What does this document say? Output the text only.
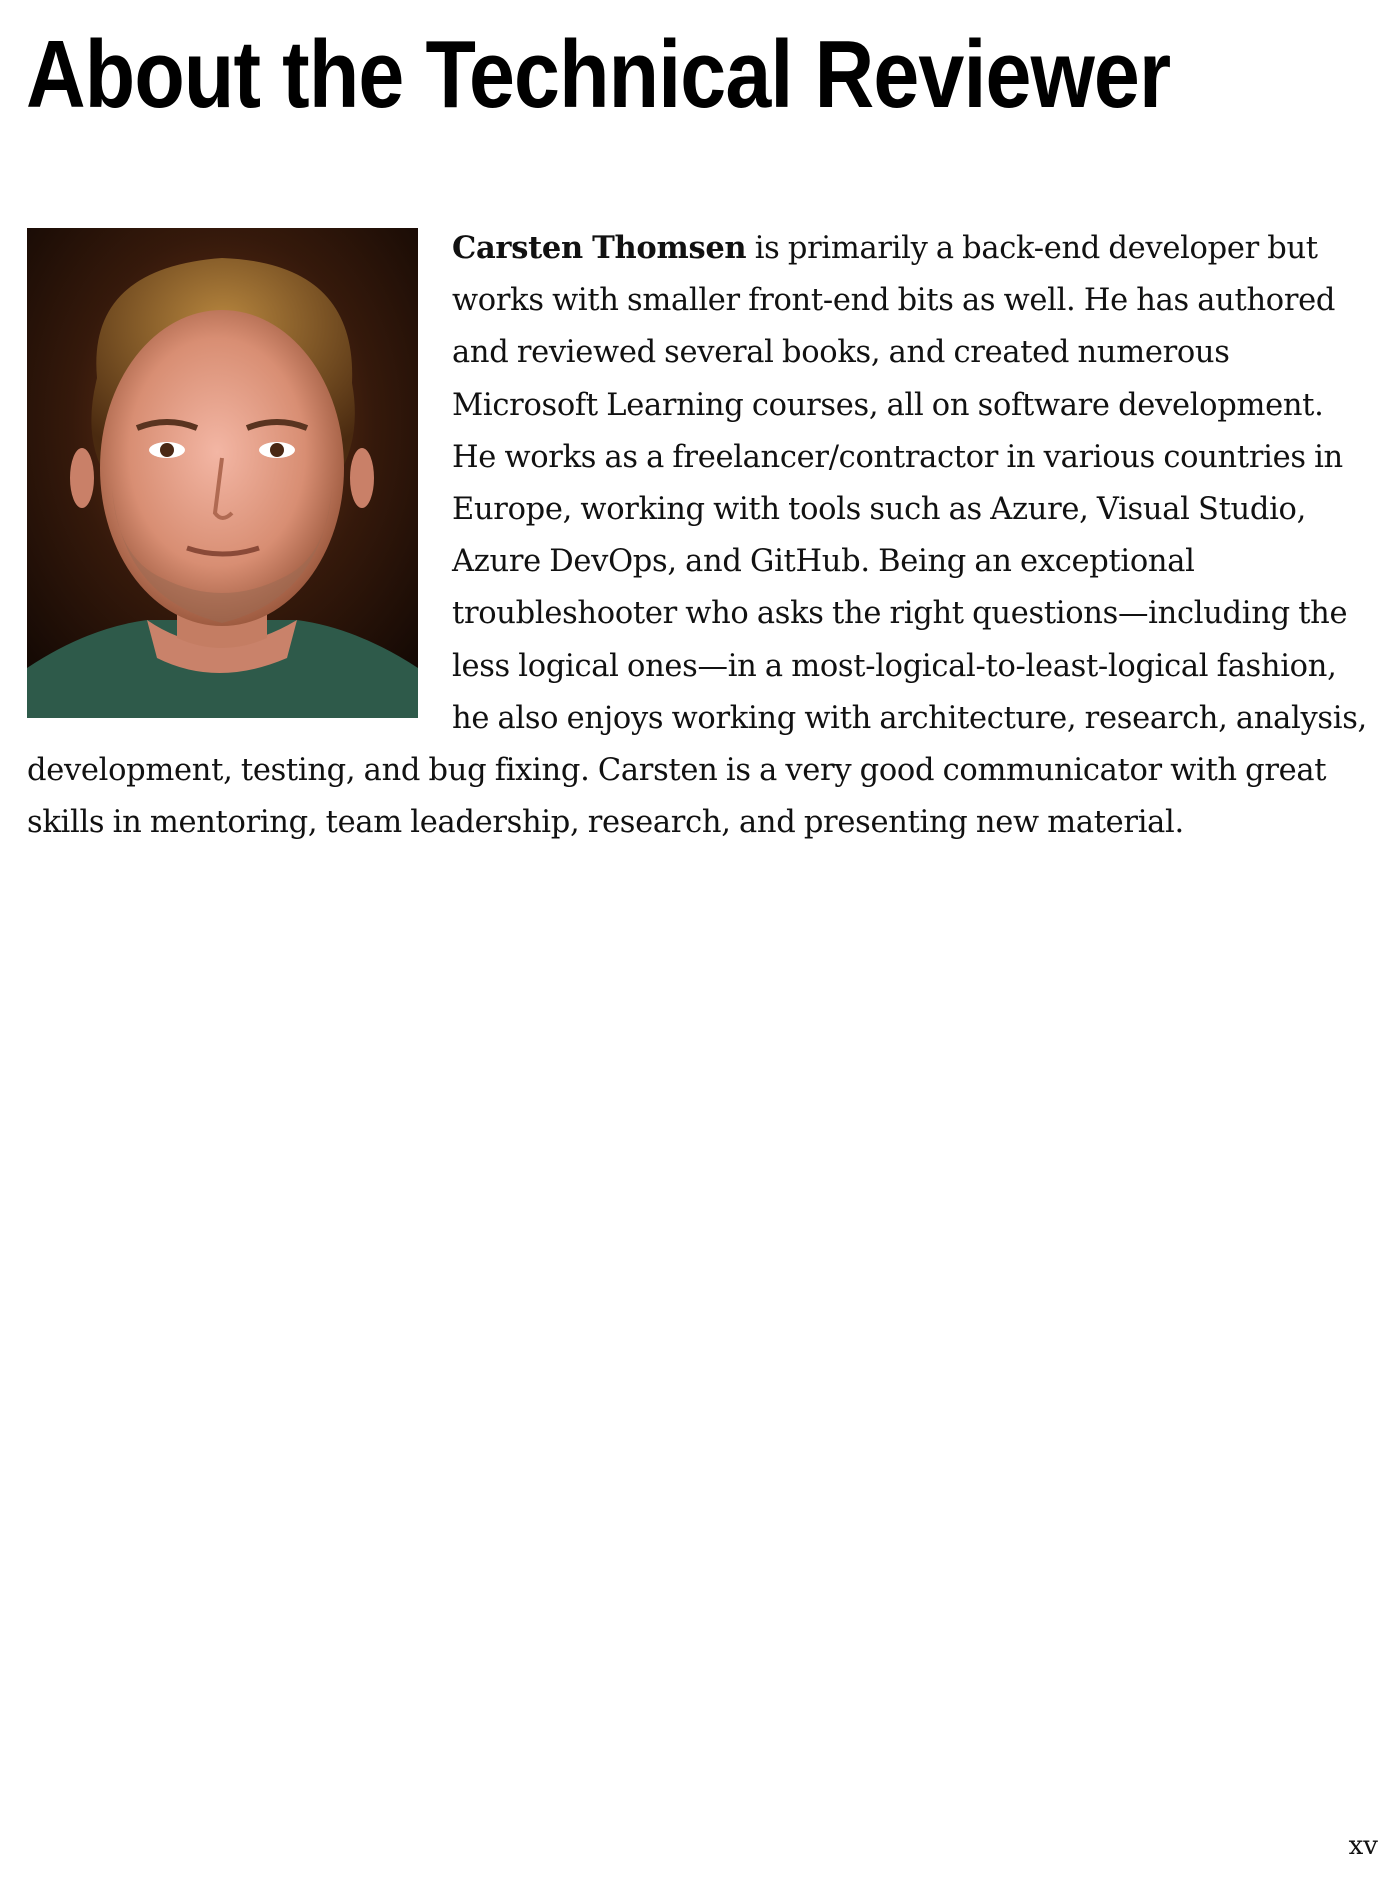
About the Technical Reviewer

Carsten Thomsen is primarily a back-end developer but works with smaller front-end bits as well. He has authored and reviewed several books, and created numerous Microsoft Learning courses, all on software development. He works as a freelancer/contractor in various countries in Europe, working with tools such as Azure, Visual Studio, Azure DevOps, and GitHub. Being an exceptional troubleshooter who asks the right questions—including the less logical ones—in a most-logical-to-least-logical fashion, he also enjoys working with architecture, research, analysis, development, testing, and bug fixing. Carsten is a very good communicator with great skills in mentoring, team leadership, research, and presenting new material.

xv
